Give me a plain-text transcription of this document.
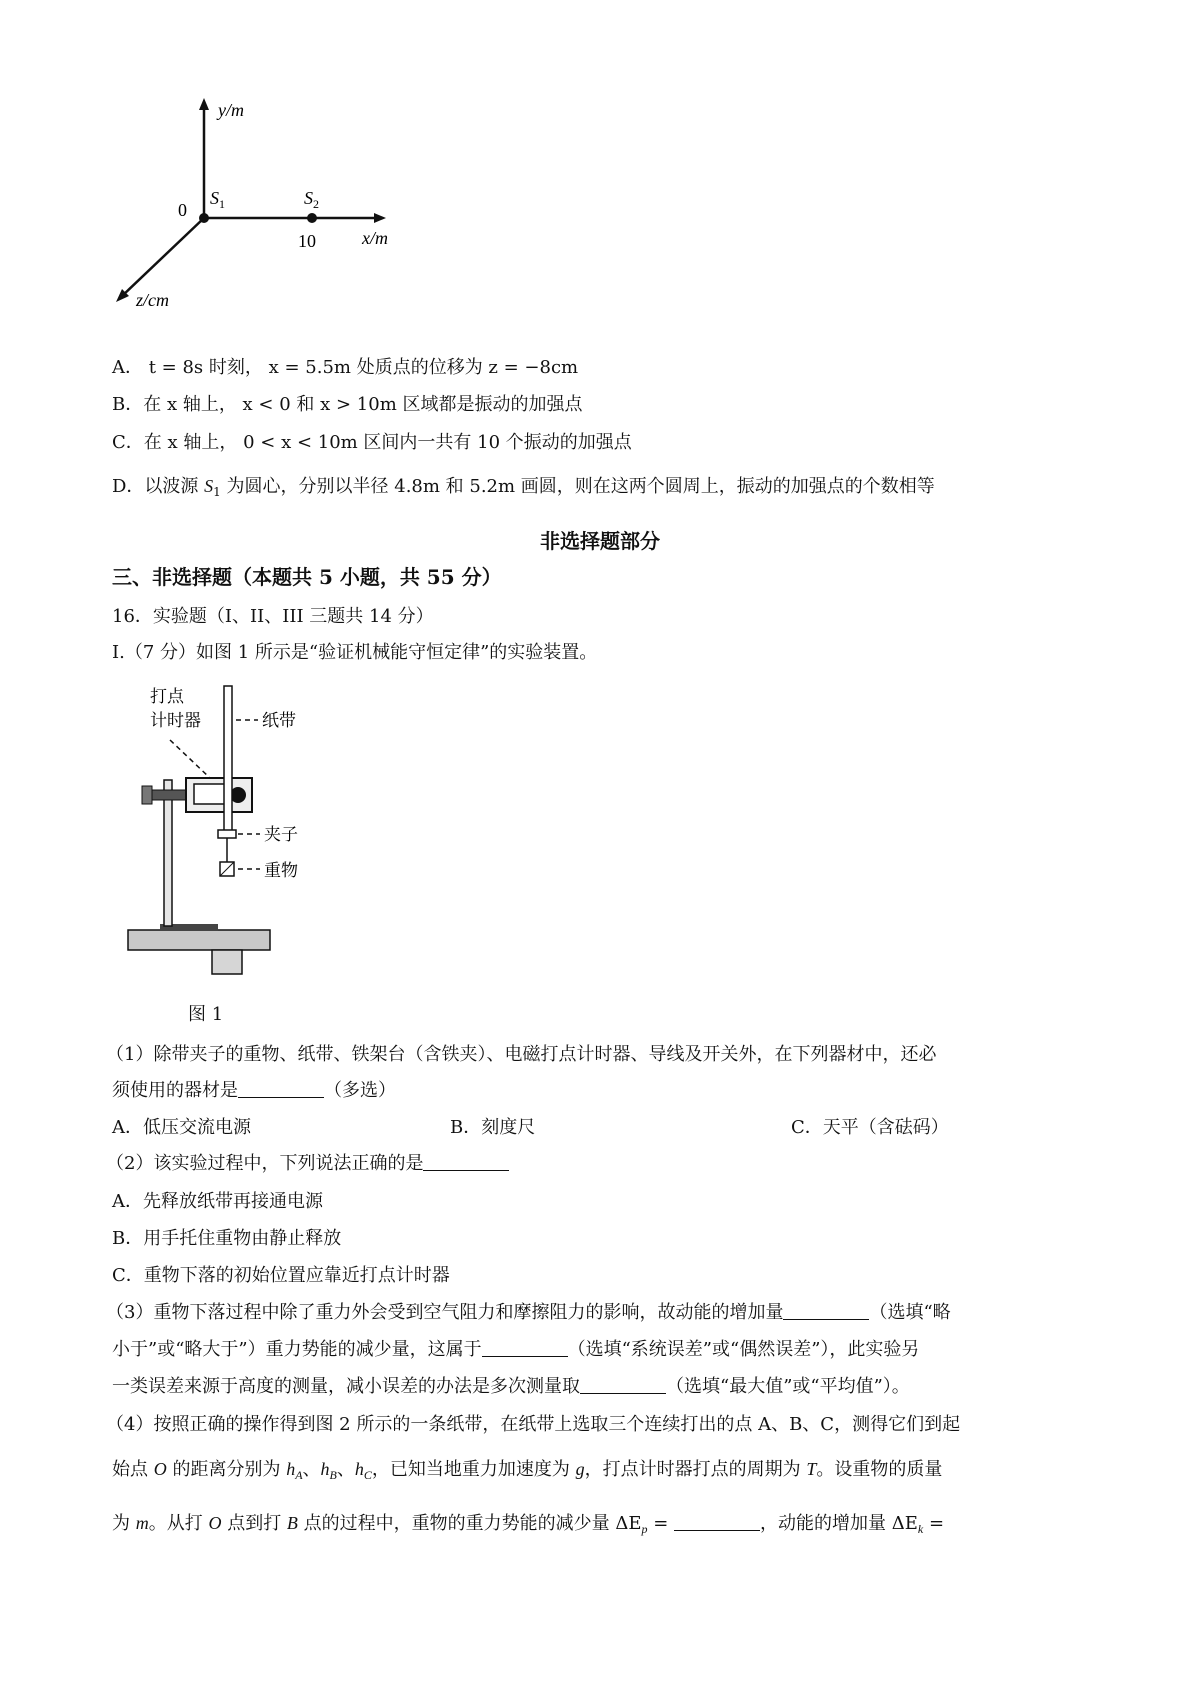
y/m
x/m
z/cm
0
$S_1$	$S_2$
10
A． t = 8s 时刻， x = 5.5m 处质点的位移为 z = −8cm
B．在 x 轴上， x < 0 和 x > 10m 区域都是振动的加强点
C．在 x 轴上， 0 < x < 10m 区间内一共有 10 个振动的加强点
D．以波源 $S_1$ 为圆心，分别以半径 4.8m 和 5.2m 画圆，则在这两个圆周上，振动的加强点的个数相等
非选择题部分
三、非选择题（本题共 5 小题，共 55 分）
16．实验题（I、II、III 三题共 14 分）
I.（7 分）如图 1 所示是“验证机械能守恒定律”的实验装置。
打点
计时器	纸带
夹子
重物
图 1
（1）除带夹子的重物、纸带、铁架台（含铁夹）、电磁打点计时器、导线及开关外，在下列器材中，还必
须使用的器材是	（多选）
A．低压交流电源	B．刻度尺	C．天平（含砝码）
（2）该实验过程中，下列说法正确的是
A．先释放纸带再接通电源
B．用手托住重物由静止释放
C．重物下落的初始位置应靠近打点计时器
（3）重物下落过程中除了重力外会受到空气阻力和摩擦阻力的影响，故动能的增加量	（选填“略
小于”或“略大于”）重力势能的减少量，这属于	（选填“系统误差”或“偶然误差”），此实验另
一类误差来源于高度的测量，减小误差的办法是多次测量取	（选填“最大值”或“平均值”）。
（4）按照正确的操作得到图 2 所示的一条纸带，在纸带上选取三个连续打出的点 A、B、C，测得它们到起
始点 O 的距离分别为 $h_A$、$h_B$、$h_C$，已知当地重力加速度为 g，打点计时器打点的周期为 T。设重物的质量
为 m。从打 O 点到打 B 点的过程中，重物的重力势能的减少量 $\Delta E_p$ =	，动能的增加量 $\Delta E_k$ =
